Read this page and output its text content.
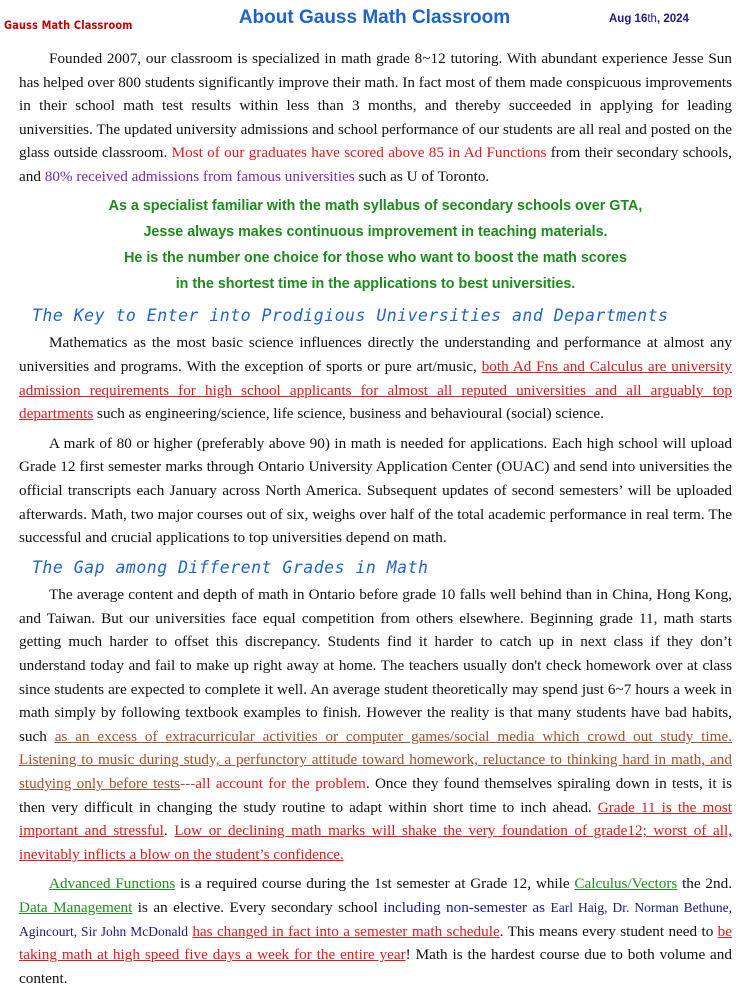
Gauss Math Classroom	About Gauss Math Classroom	Aug 16th, 2024

Founded 2007, our classroom is specialized in math grade 8~12 tutoring. With abundant experience Jesse Sun has helped over 800 students significantly improve their math. In fact most of them made conspicuous improvements in their school math test results within less than 3 months, and thereby succeeded in applying for leading universities. The updated university admissions and school performance of our students are all real and posted on the glass outside classroom. Most of our graduates have scored above 85 in Ad Functions from their secondary schools, and 80% received admissions from famous universities such as U of Toronto.

As a specialist familiar with the math syllabus of secondary schools over GTA,
Jesse always makes continuous improvement in teaching materials.
He is the number one choice for those who want to boost the math scores
in the shortest time in the applications to best universities.
The Key to Enter into Prodigious Universities and Departments

Mathematics as the most basic science influences directly the understanding and performance at almost any universities and programs. With the exception of sports or pure art/music, both Ad Fns and Calculus are university admission requirements for high school applicants for almost all reputed universities and all arguably top departments such as engineering/science, life science, business and behavioural (social) science.

A mark of 80 or higher (preferably above 90) in math is needed for applications. Each high school will upload Grade 12 first semester marks through Ontario University Application Center (OUAC) and send into universities the official transcripts each January across North America. Subsequent updates of second semesters’ will be uploaded afterwards. Math, two major courses out of six, weighs over half of the total academic performance in real term. The successful and crucial applications to top universities depend on math.

The Gap among Different Grades in Math

The average content and depth of math in Ontario before grade 10 falls well behind than in China, Hong Kong, and Taiwan. But our universities face equal competition from others elsewhere. Beginning grade 11, math starts getting much harder to offset this discrepancy. Students find it harder to catch up in next class if they don’t understand today and fail to make up right away at home. The teachers usually don't check homework over at class since students are expected to complete it well. An average student theoretically may spend just 6~7 hours a week in math simply by following textbook examples to finish. However the reality is that many students have bad habits, such as an excess of extracurricular activities or computer games/social media which crowd out study time. Listening to music during study, a perfunctory attitude toward homework, reluctance to thinking hard in math, and studying only before tests---all account for the problem. Once they found themselves spiraling down in tests, it is then very difficult in changing the study routine to adapt within short time to inch ahead. Grade 11 is the most important and stressful. Low or declining math marks will shake the very foundation of grade12; worst of all, inevitably inflicts a blow on the student’s confidence.

Advanced Functions is a required course during the 1st semester at Grade 12, while Calculus/Vectors the 2nd. Data Management is an elective. Every secondary school including non-semester as Earl Haig, Dr. Norman Bethune, Agincourt, Sir John McDonald has changed in fact into a semester math schedule. This means every student need to be taking math at high speed five days a week for the entire year! Math is the hardest course due to both volume and content.
